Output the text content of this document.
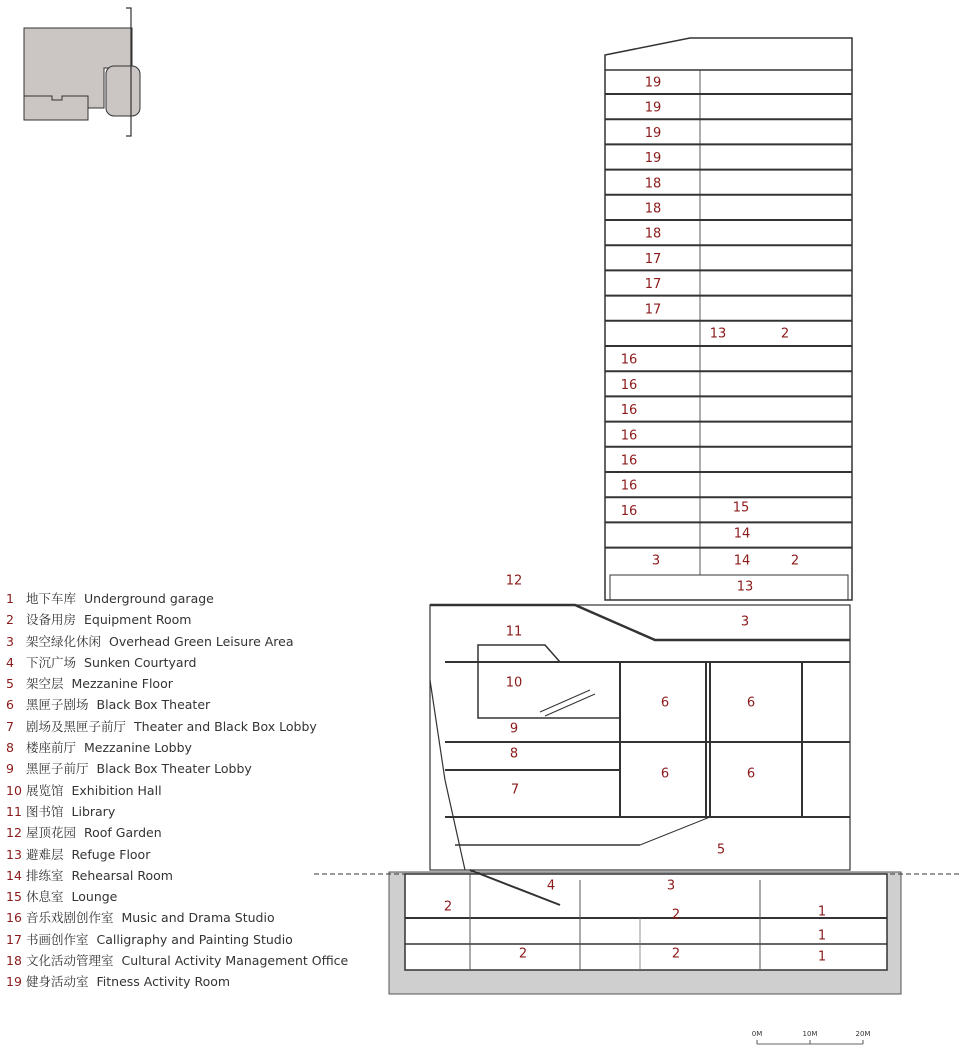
19
19
19
19
18
18
18
17
17
17
16
16
16
16
16
16
16
13	2
15
14
3	14	2
13
12
3
11
10
9
8
7
6	6
6	6
5
4	3
2
2
2	2
1
1
1
0M	10M	20M
1 地下车库 Underground garage
2 设备用房 Equipment Room
3 架空绿化休闲 Overhead Green Leisure Area
4 下沉广场 Sunken Courtyard
5 架空层 Mezzanine Floor
6 黑匣子剧场 Black Box Theater
7 剧场及黑匣子前厅 Theater and Black Box Lobby
8 楼座前厅 Mezzanine Lobby
9 黑匣子前厅 Black Box Theater Lobby
10 展览馆 Exhibition Hall
11 图书馆 Library
12 屋顶花园 Roof Garden
13 避难层 Refuge Floor
14 排练室 Rehearsal Room
15 休息室 Lounge
16 音乐戏剧创作室 Music and Drama Studio
17 书画创作室 Calligraphy and Painting Studio
18 文化活动管理室 Cultural Activity Management Office
19 健身活动室 Fitness Activity Room
